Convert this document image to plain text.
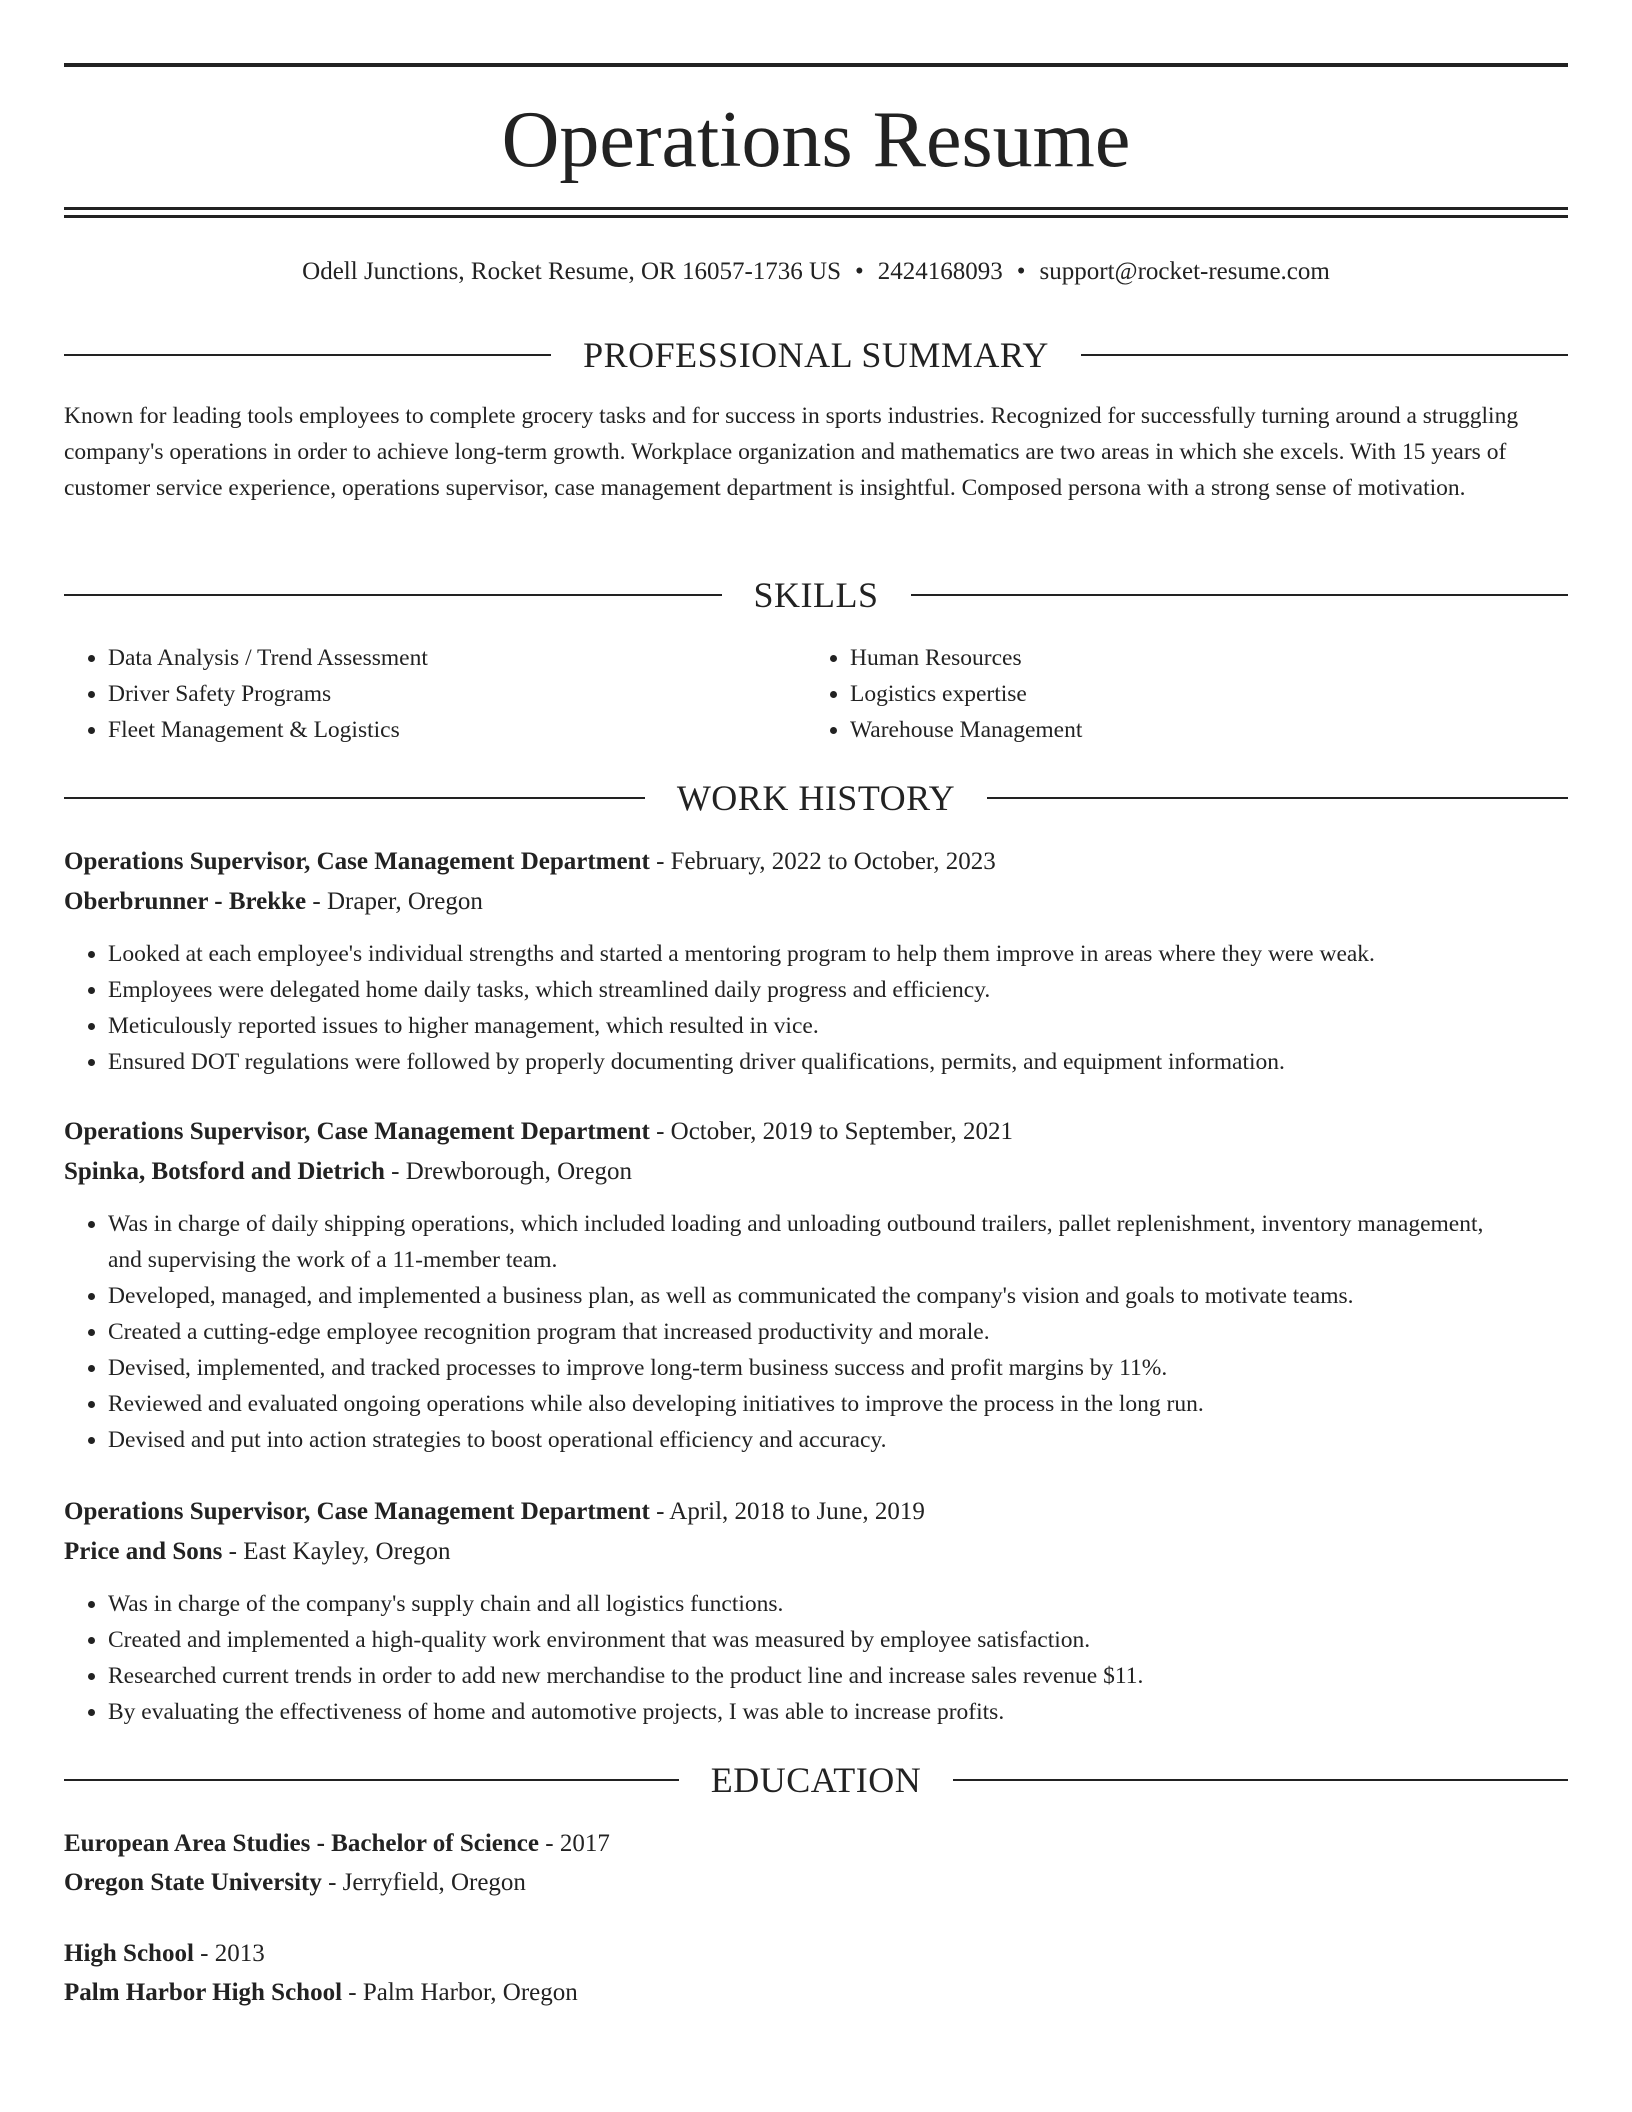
Operations Resume
Odell Junctions, Rocket Resume, OR 16057-1736 US • 2424168093 • support@rocket-resume.com
PROFESSIONAL SUMMARY
Known for leading tools employees to complete grocery tasks and for success in sports industries. Recognized for successfully turning around a struggling company's operations in order to achieve long-term growth. Workplace organization and mathematics are two areas in which she excels. With 15 years of customer service experience, operations supervisor, case management department is insightful. Composed persona with a strong sense of motivation.
SKILLS
• Data Analysis / Trend Assessment
• Driver Safety Programs
• Fleet Management & Logistics
• Human Resources
• Logistics expertise
• Warehouse Management
WORK HISTORY
Operations Supervisor, Case Management Department - February, 2022 to October, 2023
Oberbrunner - Brekke - Draper, Oregon
• Looked at each employee's individual strengths and started a mentoring program to help them improve in areas where they were weak.
• Employees were delegated home daily tasks, which streamlined daily progress and efficiency.
• Meticulously reported issues to higher management, which resulted in vice.
• Ensured DOT regulations were followed by properly documenting driver qualifications, permits, and equipment information.
Operations Supervisor, Case Management Department - October, 2019 to September, 2021
Spinka, Botsford and Dietrich - Drewborough, Oregon
• Was in charge of daily shipping operations, which included loading and unloading outbound trailers, pallet replenishment, inventory management, and supervising the work of a 11-member team.
• Developed, managed, and implemented a business plan, as well as communicated the company's vision and goals to motivate teams.
• Created a cutting-edge employee recognition program that increased productivity and morale.
• Devised, implemented, and tracked processes to improve long-term business success and profit margins by 11%.
• Reviewed and evaluated ongoing operations while also developing initiatives to improve the process in the long run.
• Devised and put into action strategies to boost operational efficiency and accuracy.
Operations Supervisor, Case Management Department - April, 2018 to June, 2019
Price and Sons - East Kayley, Oregon
• Was in charge of the company's supply chain and all logistics functions.
• Created and implemented a high-quality work environment that was measured by employee satisfaction.
• Researched current trends in order to add new merchandise to the product line and increase sales revenue $11.
• By evaluating the effectiveness of home and automotive projects, I was able to increase profits.
EDUCATION
European Area Studies - Bachelor of Science - 2017
Oregon State University - Jerryfield, Oregon
High School - 2013
Palm Harbor High School - Palm Harbor, Oregon
